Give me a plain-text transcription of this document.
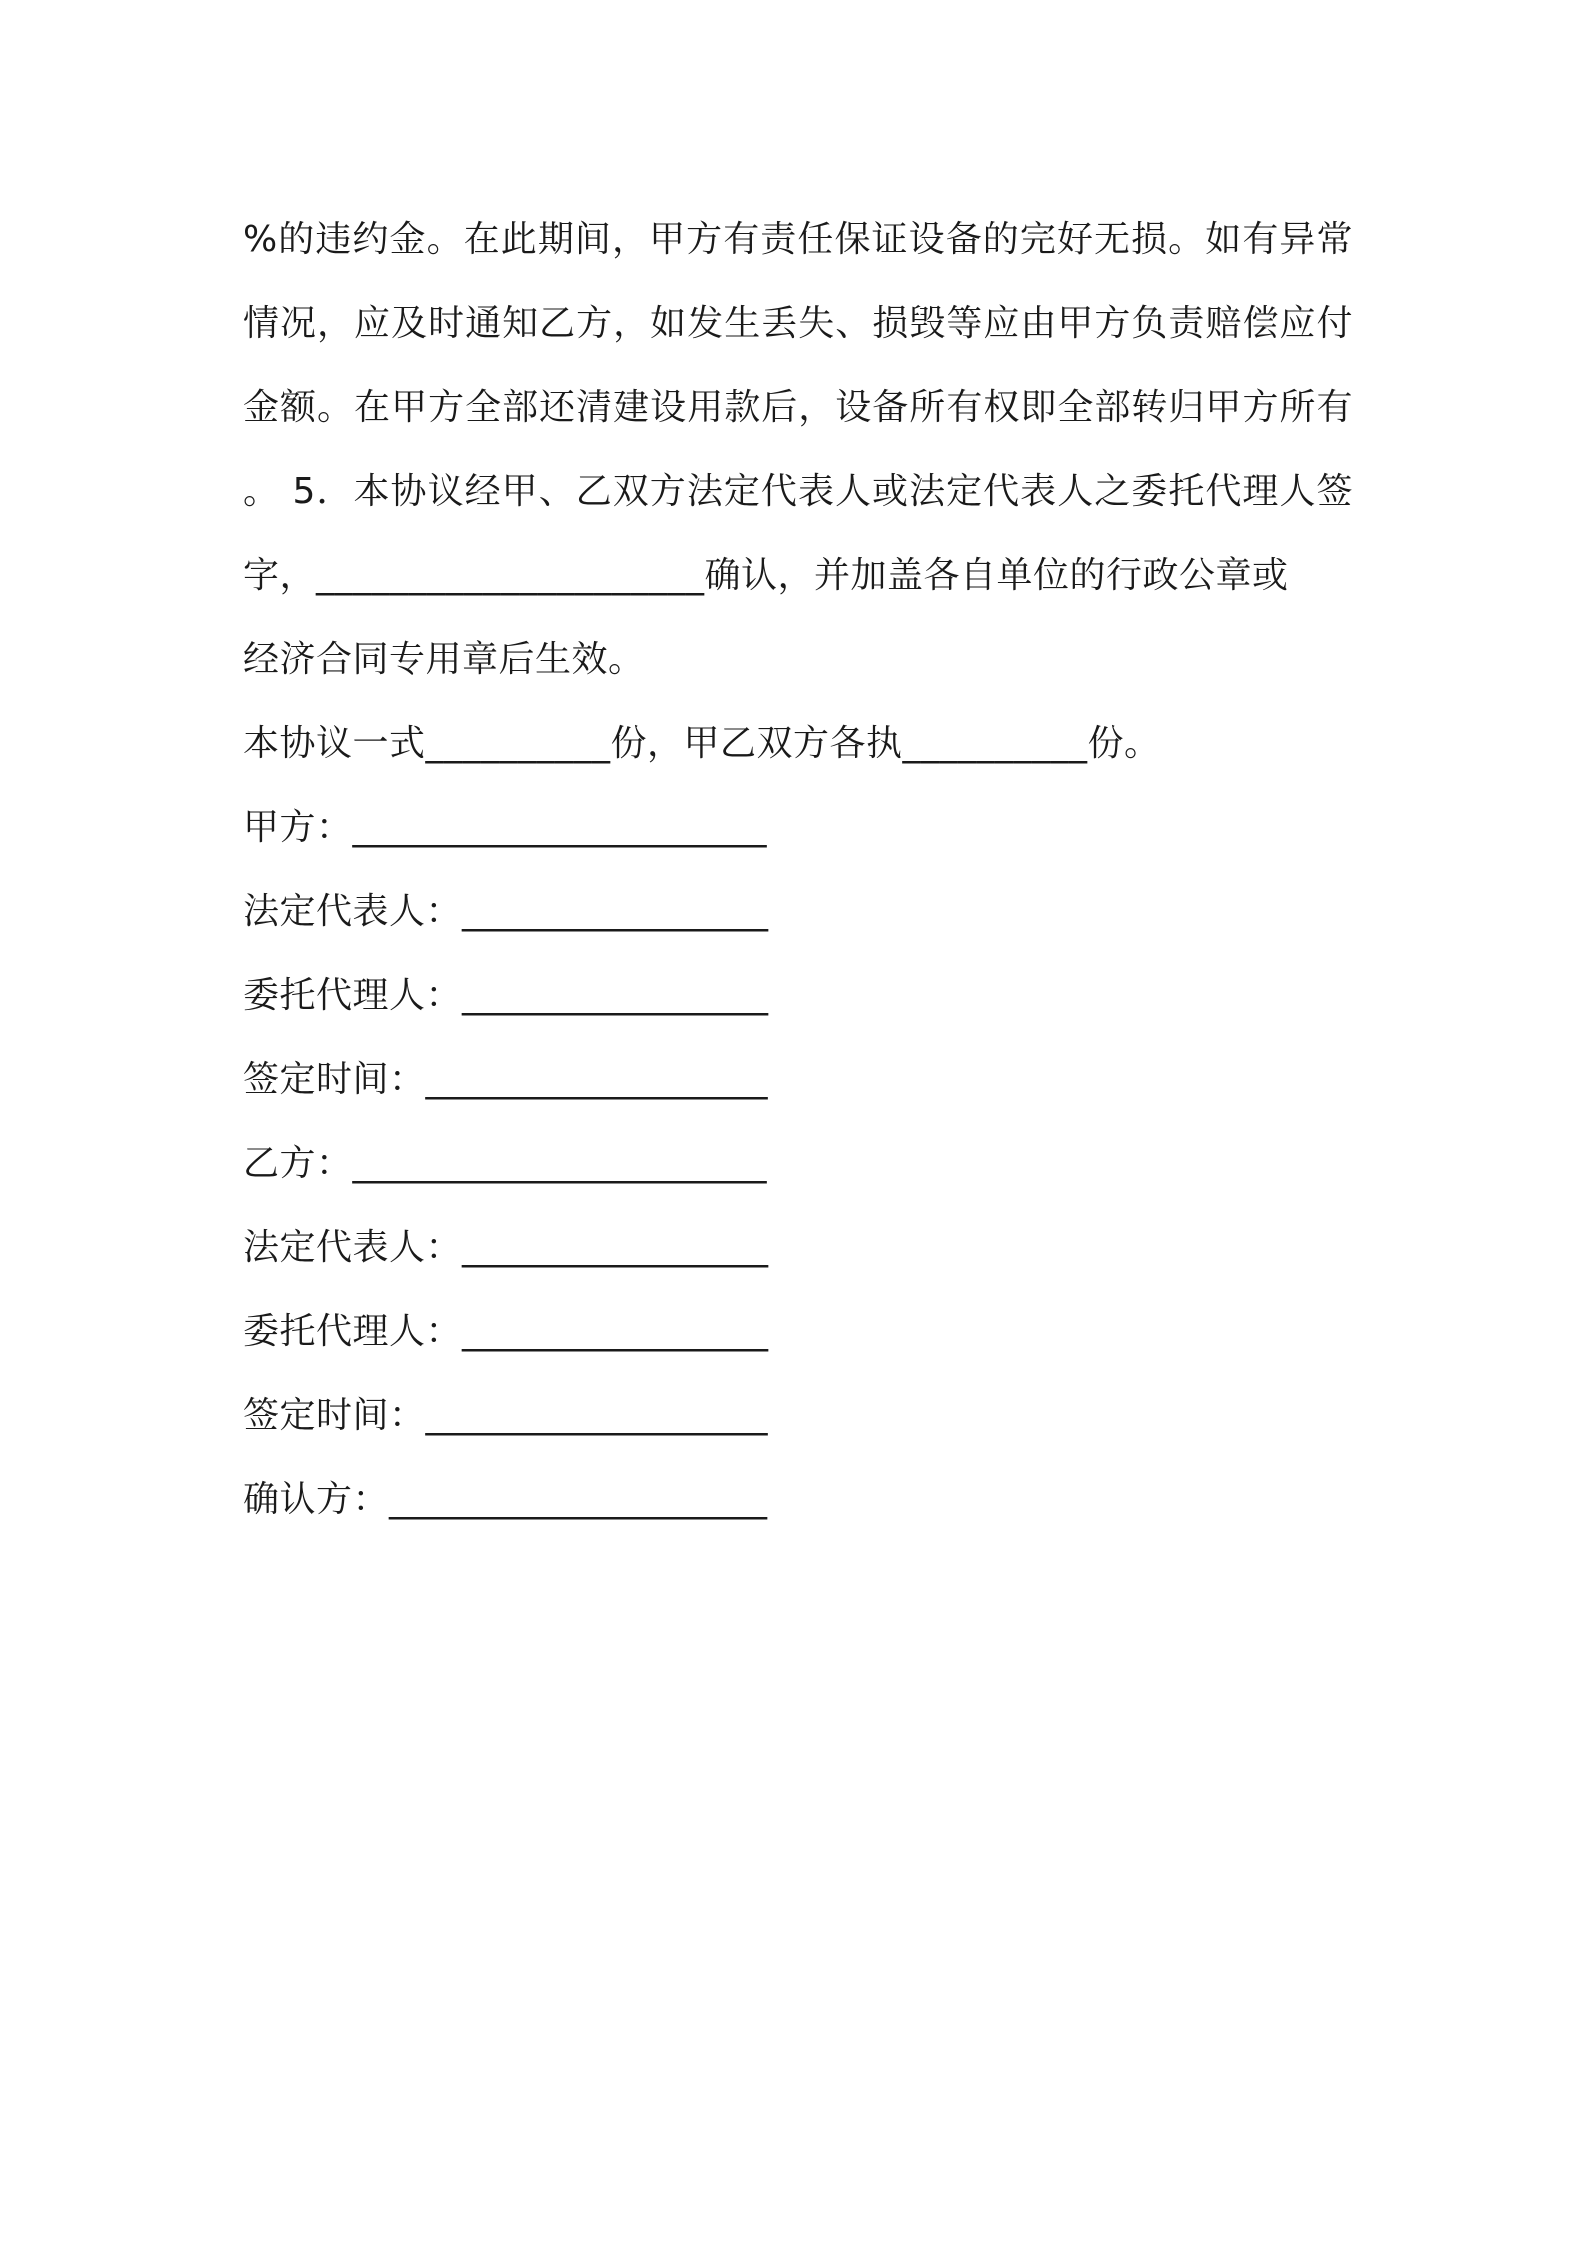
%的违约金。在此期间，甲方有责任保证设备的完好无损。如有异常
情况，应及时通知乙方，如发生丢失、损毁等应由甲方负责赔偿应付
金额。在甲方全部还清建设用款后，设备所有权即全部转归甲方所有
。 5．本协议经甲、乙双方法定代表人或法定代表人之委托代理人签
字，_____________________确认，并加盖各自单位的行政公章或
经济合同专用章后生效。
本协议一式__________份，甲乙双方各执__________份。
甲方：_______________________
法定代表人：_________________
委托代理人：_________________
签定时间：___________________
乙方：_______________________
法定代表人：_________________
委托代理人：_________________
签定时间：___________________
确认方：_____________________
